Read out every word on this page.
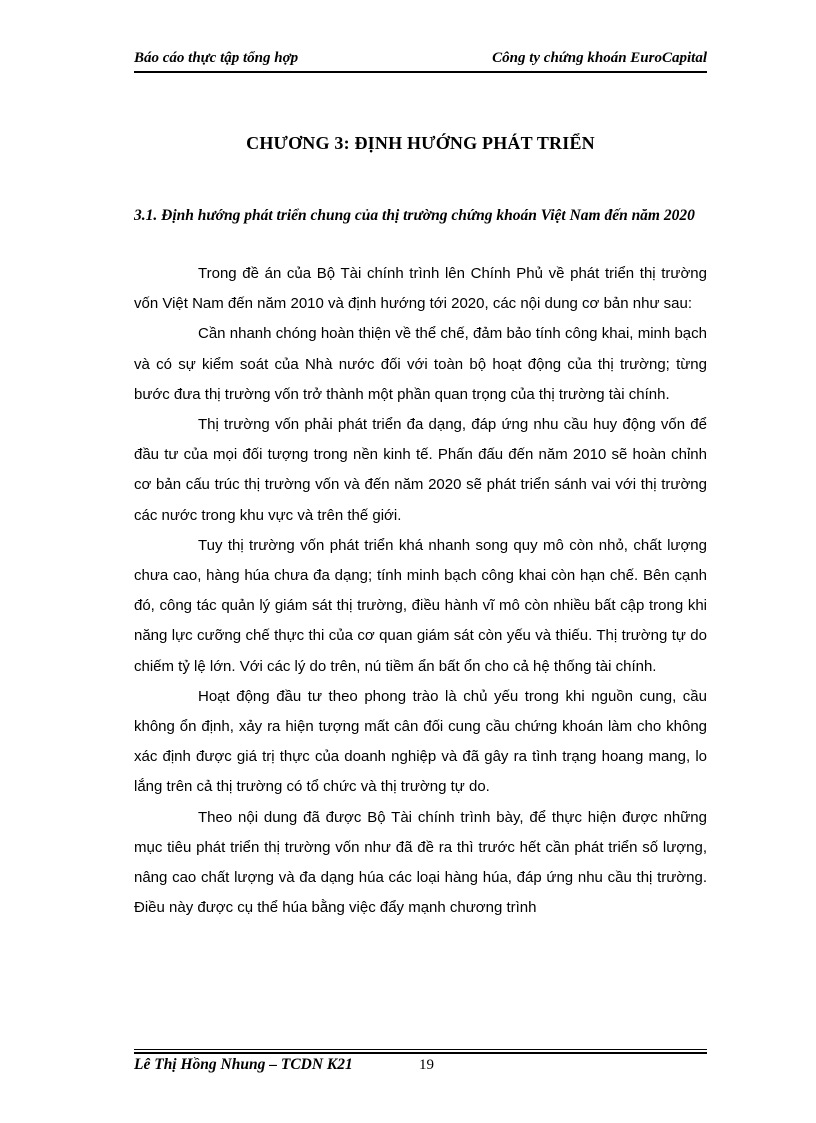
Báo cáo thực tập tổng hợp	Công ty chứng khoán EuroCapital
CHƯƠNG 3: ĐỊNH HƯỚNG PHÁT TRIỂN
3.1. Định hướng phát triển chung của thị trường chứng khoán Việt Nam đến năm 2020

Trong đề án của Bộ Tài chính trình lên Chính Phủ về phát triển thị trường vốn Việt Nam đến năm 2010 và định hướng tới 2020, các nội dung cơ bản như sau:

Cần nhanh chóng hoàn thiện về thể chế, đảm bảo tính công khai, minh bạch và có sự kiểm soát của Nhà nước đối với toàn bộ hoạt động của thị trường; từng bước đưa thị trường vốn trở thành một phần quan trọng của thị trường tài chính.

Thị trường vốn phải phát triển đa dạng, đáp ứng nhu cầu huy động vốn để đầu tư của mọi đối tượng trong nền kinh tế. Phấn đấu đến năm 2010 sẽ hoàn chỉnh cơ bản cấu trúc thị trường vốn và đến năm 2020 sẽ phát triển sánh vai với thị trường các nước trong khu vực và trên thế giới.

Tuy thị trường vốn phát triển khá nhanh song quy mô còn nhỏ, chất lượng chưa cao, hàng húa chưa đa dạng; tính minh bạch công khai còn hạn chế. Bên cạnh đó, công tác quản lý giám sát thị trường, điều hành vĩ mô còn nhiều bất cập trong khi năng lực cưỡng chế thực thi của cơ quan giám sát còn yếu và thiếu. Thị trường tự do chiếm tỷ lệ lớn. Với các lý do trên, nú tiềm ẩn bất ổn cho cả hệ thống tài chính.

Hoạt động đầu tư theo phong trào là chủ yếu trong khi nguồn cung, cầu không ổn định, xảy ra hiện tượng mất cân đối cung cầu chứng khoán làm cho không xác định được giá trị thực của doanh nghiệp và đã gây ra tình trạng hoang mang, lo lắng trên cả thị trường có tổ chức và thị trường tự do.

Theo nội dung đã được Bộ Tài chính trình bày, để thực hiện được những mục tiêu phát triển thị trường vốn như đã đề ra thì trước hết cần phát triển số lượng, nâng cao chất lượng và đa dạng húa các loại hàng húa, đáp ứng nhu cầu thị trường. Điều này được cụ thể húa bằng việc đẩy mạnh chương trình

Lê Thị Hồng Nhung – TCDN K21	19
